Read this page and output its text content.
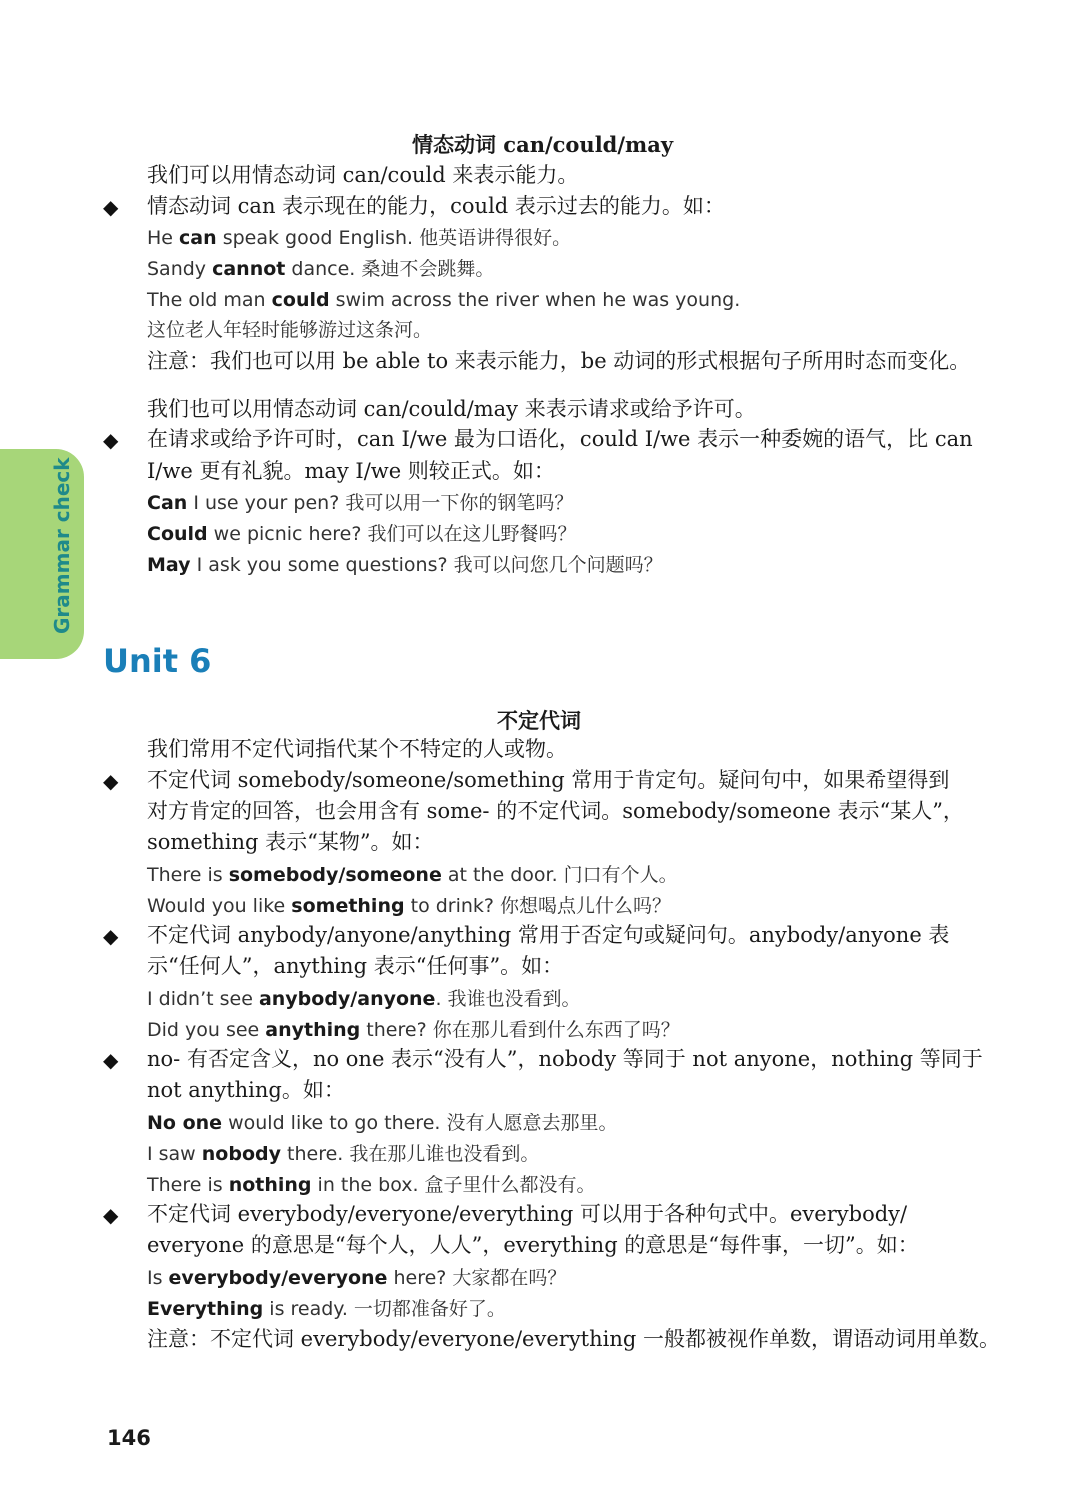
Grammar check
情态动词 can/could/may
我们可以用情态动词 can/could 来表示能力。
◆ 情态动词 can 表示现在的能力，could 表示过去的能力。如：
He can speak good English. 他英语讲得很好。
Sandy cannot dance. 桑迪不会跳舞。
The old man could swim across the river when he was young.
这位老人年轻时能够游过这条河。
注意：我们也可以用 be able to 来表示能力，be 动词的形式根据句子所用时态而变化。
我们也可以用情态动词 can/could/may 来表示请求或给予许可。
◆ 在请求或给予许可时，can I/we 最为口语化，could I/we 表示一种委婉的语气，比 can
I/we 更有礼貌。may I/we 则较正式。如：
Can I use your pen? 我可以用一下你的钢笔吗？
Could we picnic here? 我们可以在这儿野餐吗？
May I ask you some questions? 我可以问您几个问题吗？
Unit 6
不定代词
我们常用不定代词指代某个不特定的人或物。
◆ 不定代词 somebody/someone/something 常用于肯定句。疑问句中，如果希望得到
对方肯定的回答，也会用含有 some- 的不定代词。somebody/someone 表示“某人”，
something 表示“某物”。如：
There is somebody/someone at the door. 门口有个人。
Would you like something to drink? 你想喝点儿什么吗？
◆ 不定代词 anybody/anyone/anything 常用于否定句或疑问句。anybody/anyone 表
示“任何人”，anything 表示“任何事”。如：
I didn’t see anybody/anyone. 我谁也没看到。
Did you see anything there? 你在那儿看到什么东西了吗？
◆ no- 有否定含义，no one 表示“没有人”，nobody 等同于 not anyone，nothing 等同于
not anything。如：
No one would like to go there. 没有人愿意去那里。
I saw nobody there. 我在那儿谁也没看到。
There is nothing in the box. 盒子里什么都没有。
◆ 不定代词 everybody/everyone/everything 可以用于各种句式中。everybody/
everyone 的意思是“每个人，人人”，everything 的意思是“每件事，一切”。如：
Is everybody/everyone here? 大家都在吗？
Everything is ready. 一切都准备好了。
注意：不定代词 everybody/everyone/everything 一般都被视作单数，谓语动词用单数。
146
